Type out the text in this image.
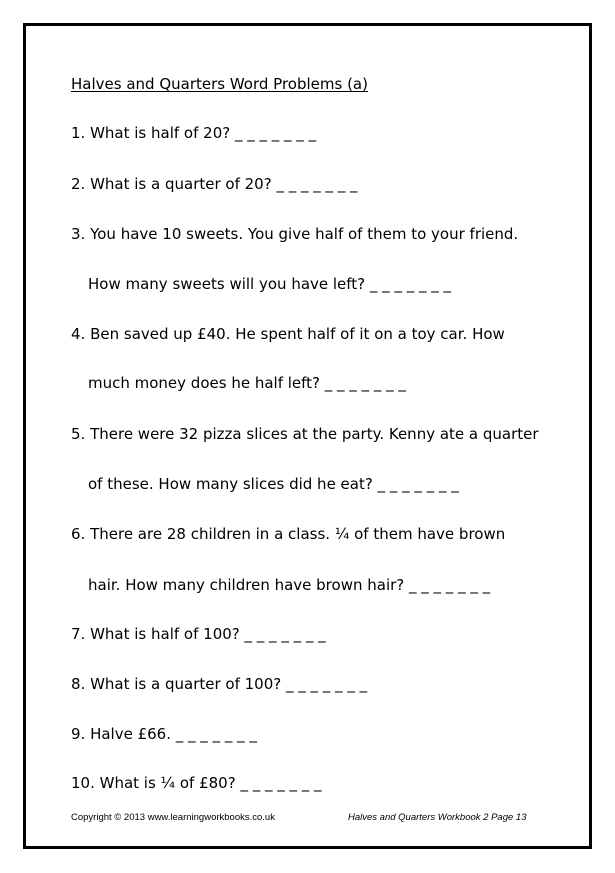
Halves and Quarters Word Problems (a)
1. What is half of 20? _ _ _ _ _ _ _
2. What is a quarter of 20? _ _ _ _ _ _ _
3. You have 10 sweets. You give half of them to your friend.
How many sweets will you have left? _ _ _ _ _ _ _
4. Ben saved up £40. He spent half of it on a toy car. How
much money does he half left? _ _ _ _ _ _ _
5. There were 32 pizza slices at the party. Kenny ate a quarter
of these. How many slices did he eat? _ _ _ _ _ _ _
6. There are 28 children in a class. ¼ of them have brown
hair. How many children have brown hair? _ _ _ _ _ _ _
7. What is half of 100? _ _ _ _ _ _ _
8. What is a quarter of 100? _ _ _ _ _ _ _
9. Halve £66. _ _ _ _ _ _ _
10. What is ¼ of £80? _ _ _ _ _ _ _
Copyright © 2013 www.learningworkbooks.co.uk	Halves and Quarters Workbook 2 Page 13
